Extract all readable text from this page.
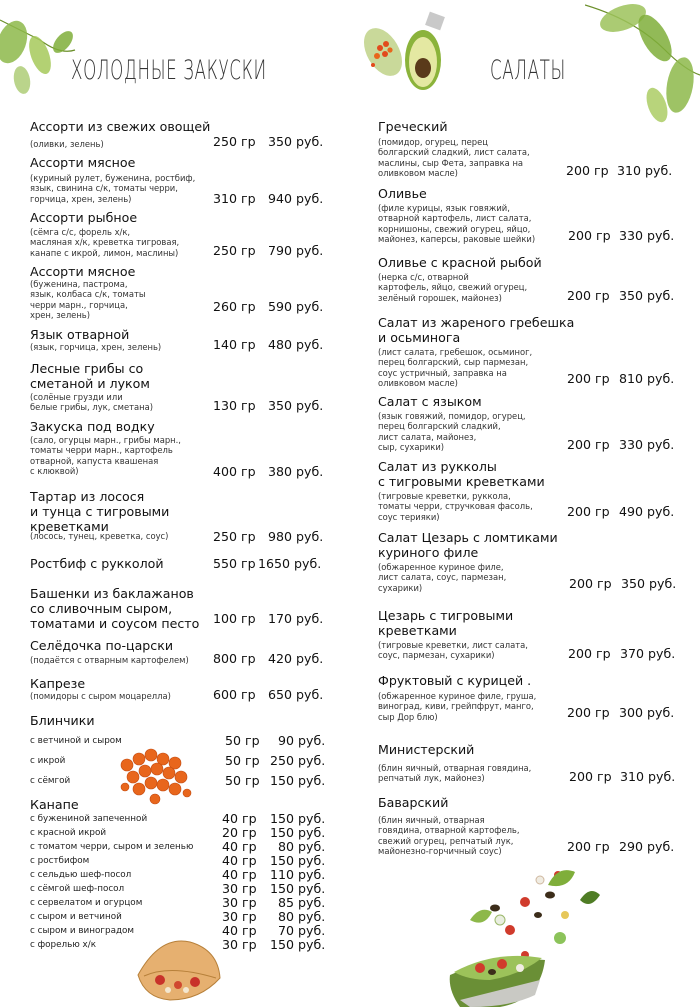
ХОЛОДНЫЕ ЗАКУСКИ	САЛАТЫ
Ассорти из свежих овощей
(оливки, зелень)	250 гр 350 руб.
Ассорти мясное
(куриный рулет, буженина, ростбиф,
язык, свинина с/к, томаты черри,
горчица, хрен, зелень)	310 гр 940 руб.
Ассорти рыбное
(сёмга с/с, форель х/к,
масляная х/к, креветка тигровая,
канапе с икрой, лимон, маслины)	250 гр 790 руб.
Ассорти мясное
(буженина, пастрома,
язык, колбаса с/к, томаты
черри марн., горчица,
хрен, зелень)
260 гр 590 руб.
Язык отварной
(язык, горчица, хрен, зелень)	140 гр 480 руб.
Лесные грибы со
сметаной и луком
(солёные грузди или
белые грибы, лук, сметана)	130 гр 350 руб.
Закуска под водку
(сало, огурцы марн., грибы марн.,
томаты черри марн., картофель
отварной, капуста квашеная
с клюквой)	400 гр 380 руб.
Тартар из лосося
и тунца с тигровыми
креветками
(лосось, тунец, креветка, соус)	250 гр 980 руб.
Ростбиф с рукколой	550 гр 1650 руб.
Башенки из баклажанов
со сливочным сыром,
томатами и соусом песто 100 гр 170 руб.
Селёдочка по-царски
(подаётся с отварным картофелем) 800 гр 420 руб.
Капрезе
(помидоры с сыром моцарелла)	600 гр 650 руб.
Блинчики
с ветчиной и сыром	50 гр 90 руб.
с икрой	50 гр 250 руб.
с сёмгой	50 гр 150 руб.
Канапе
с бужениной запеченной	40 гр 150 руб.
с красной икрой	20 гр 150 руб.
с томатом черри, сыром и зеленью 40 гр 80 руб.
с ростбифом	40 гр 150 руб.
с сельдью шеф-посол	40 гр 110 руб.
с сёмгой шеф-посол	30 гр 150 руб.
с сервелатом и огурцом	30 гр 85 руб.
с сыром и ветчиной	30 гр 80 руб.
с сыром и виноградом	40 гр 70 руб.
с форелью х/к	30 гр 150 руб.
Греческий
(помидор, огурец, перец
болгарский сладкий, лист салата,
маслины, сыр Фета, заправка на
оливковом масле)	200 гр 310 руб.
Оливье
(филе курицы, язык говяжий,
отварной картофель, лист салата,
корнишоны, свежий огурец, яйцо,
майонез, каперсы, раковые шейки)	200 гр 330 руб.
Оливье с красной рыбой
(нерка с/с, отварной
картофель, яйцо, свежий огурец,
зелёный горошек, майонез)	200 гр 350 руб.
Салат из жареного гребешка
и осьминога
(лист салата, гребешок, осьминог,
перец болгарский, сыр пармезан,
соус устричный, заправка на
оливковом масле)	200 гр 810 руб.
Салат с языком
(язык говяжий, помидор, огурец,
перец болгарский сладкий,
лист салата, майонез,
сыр, сухарики)	200 гр 330 руб.
Салат из рукколы
с тигровыми креветками
(тигровые креветки, руккола,
томаты черри, стручковая фасоль,
соус терияки)	200 гр 490 руб.
Салат Цезарь с ломтиками
куриного филе
(обжаренное куриное филе,
лист салата, соус, пармезан,
сухарики)	200 гр 350 руб.
Цезарь с тигровыми
креветками
(тигровые креветки, лист салата,
соус, пармезан, сухарики)	200 гр 370 руб.
Фруктовый с курицей .
(обжаренное куриное филе, груша,
виноград, киви, грейпфрут, манго,
сыр Дор блю)	200 гр 300 руб.
Министерский
(блин яичный, отварная говядина,
репчатый лук, майонез)	200 гр 310 руб.
Баварский
(блин яичный, отварная
говядина, отварной картофель,
свежий огурец, репчатый лук,
майонезно-горчичный соус)	200 гр 290 руб.
